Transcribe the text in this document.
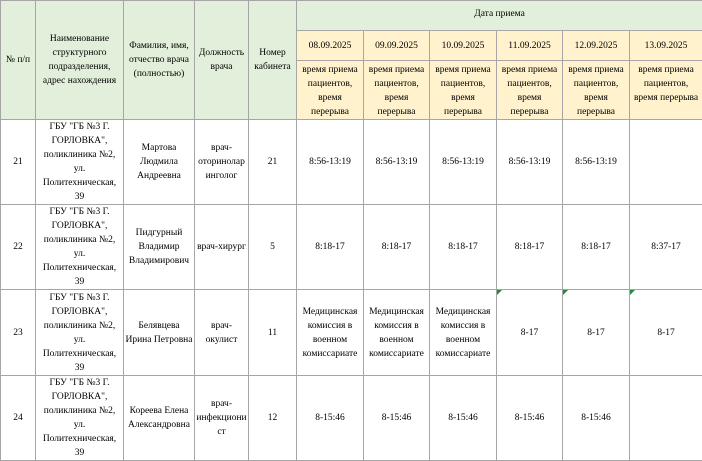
№ п/п	Наименование структурного подразделения, адрес нахождения	Фамилия, имя, отчество врача (полностью)	Должность врача	Номер кабинета	Дата приема					
					08.09.2025	09.09.2025	10.09.2025	11.09.2025	12.09.2025	13.09.2025
					время приема пациентов, время перерыва	время приема пациентов, время перерыва	время приема пациентов, время перерыва	время приема пациентов, время перерыва	время приема пациентов, время перерыва	время приема пациентов, время перерыва
21	ГБУ "ГБ №3 Г. ГОРЛОВКА", поликлиника №2, ул. Политехническая, 39	Мартова Людмила Андреевна	врач-оториноларинголог	21	8:56-13:19	8:56-13:19	8:56-13:19	8:56-13:19	8:56-13:19	
22	ГБУ "ГБ №3 Г. ГОРЛОВКА", поликлиника №2, ул. Политехническая, 39	Пидгурный Владимир Владимирович	врач-хирург	5	8:18-17	8:18-17	8:18-17	8:18-17	8:18-17	8:37-17
23	ГБУ "ГБ №3 Г. ГОРЛОВКА", поликлиника №2, ул. Политехническая, 39	Белявцева Ирина Петровна	врач-окулист	11	Медицинская комиссия в военном комиссариате	Медицинская комиссия в военном комиссариате	Медицинская комиссия в военном комиссариате	8-17	8-17	8-17
24	ГБУ "ГБ №3 Г. ГОРЛОВКА", поликлиника №2, ул. Политехническая, 39	Кореева Елена Александровна	врач-инфекционист	12	8-15:46	8-15:46	8-15:46	8-15:46	8-15:46	
